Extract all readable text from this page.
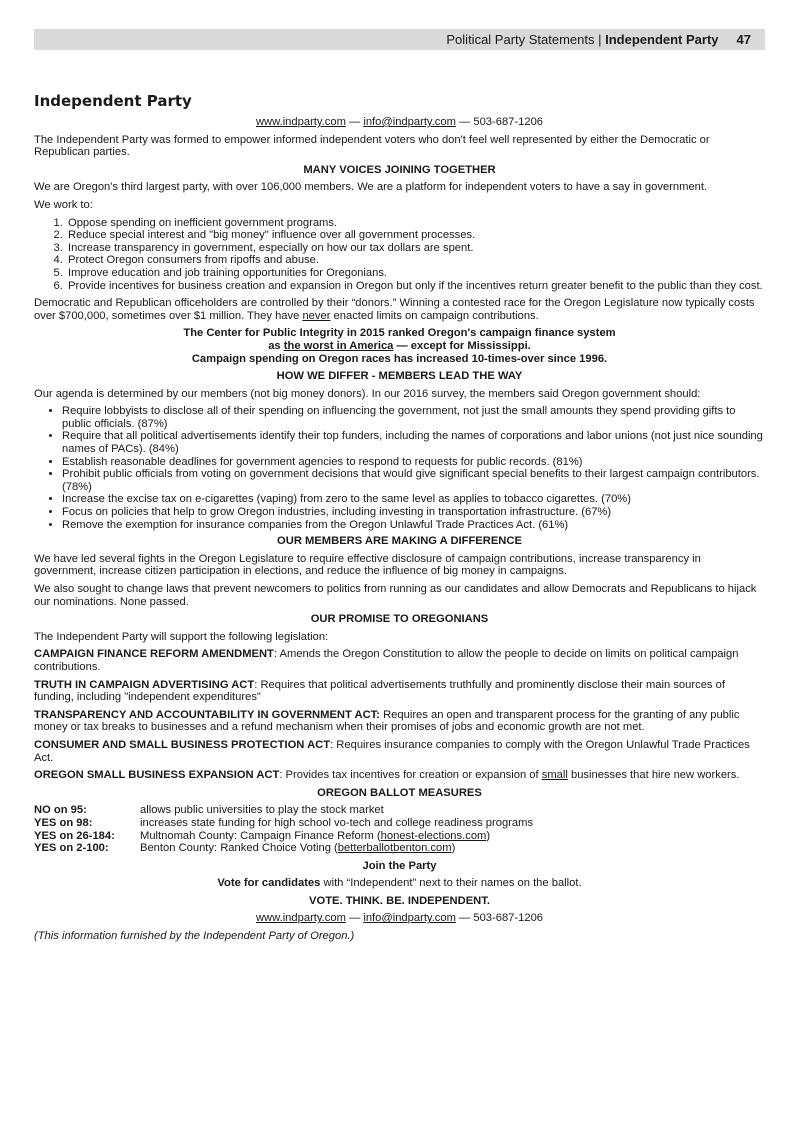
Political Party Statements | Independent Party 47
Independent Party

www.indparty.com — info@indparty.com — 503-687-1206

The Independent Party was formed to empower informed independent voters who don't feel well represented by either the Democratic or Republican parties.

MANY VOICES JOINING TOGETHER

We are Oregon's third largest party, with over 106,000 members. We are a platform for independent voters to have a say in government.

We work to:

1. Oppose spending on inefficient government programs.
2. Reduce special interest and "big money" influence over all government processes.
3. Increase transparency in government, especially on how our tax dollars are spent.
4. Protect Oregon consumers from ripoffs and abuse.
5. Improve education and job training opportunities for Oregonians.
6. Provide incentives for business creation and expansion in Oregon but only if the incentives return greater benefit to the public than they cost.

Democratic and Republican officeholders are controlled by their “donors.” Winning a contested race for the Oregon Legislature now typically costs over $700,000, sometimes over $1 million. They have never enacted limits on campaign contributions.

The Center for Public Integrity in 2015 ranked Oregon's campaign finance system
as the worst in America — except for Mississippi.
Campaign spending on Oregon races has increased 10-times-over since 1996.
HOW WE DIFFER - MEMBERS LEAD THE WAY

Our agenda is determined by our members (not big money donors). In our 2016 survey, the members said Oregon government should:

• Require lobbyists to disclose all of their spending on influencing the government, not just the small amounts they spend providing gifts to public officials. (87%)
• Require that all political advertisements identify their top funders, including the names of corporations and labor unions (not just nice sounding names of PACs). (84%)
• Establish reasonable deadlines for government agencies to respond to requests for public records. (81%)
• Prohibit public officials from voting on government decisions that would give significant special benefits to their largest campaign contributors. (78%)
• Increase the excise tax on e-cigarettes (vaping) from zero to the same level as applies to tobacco cigarettes. (70%)
• Focus on policies that help to grow Oregon industries, including investing in transportation infrastructure. (67%)
• Remove the exemption for insurance companies from the Oregon Unlawful Trade Practices Act. (61%)
OUR MEMBERS ARE MAKING A DIFFERENCE

We have led several fights in the Oregon Legislature to require effective disclosure of campaign contributions, increase transparency in government, increase citizen participation in elections, and reduce the influence of big money in campaigns.

We also sought to change laws that prevent newcomers to politics from running as our candidates and allow Democrats and Republicans to hijack our nominations. None passed.

OUR PROMISE TO OREGONIANS

The Independent Party will support the following legislation:

CAMPAIGN FINANCE REFORM AMENDMENT: Amends the Oregon Constitution to allow the people to decide on limits on political campaign contributions.

TRUTH IN CAMPAIGN ADVERTISING ACT: Requires that political advertisements truthfully and prominently disclose their main sources of funding, including "independent expenditures"

TRANSPARENCY AND ACCOUNTABILITY IN GOVERNMENT ACT: Requires an open and transparent process for the granting of any public money or tax breaks to businesses and a refund mechanism when their promises of jobs and economic growth are not met.

CONSUMER AND SMALL BUSINESS PROTECTION ACT: Requires insurance companies to comply with the Oregon Unlawful Trade Practices Act.

OREGON SMALL BUSINESS EXPANSION ACT: Provides tax incentives for creation or expansion of small businesses that hire new workers.

OREGON BALLOT MEASURES
NO on 95:	allows public universities to play the stock market
YES on 98:	increases state funding for high school vo-tech and college readiness programs
YES on 26-184:	Multnomah County: Campaign Finance Reform (honest-elections.com)
YES on 2-100:	Benton County: Ranked Choice Voting (betterballotbenton.com)
Join the Party

Vote for candidates with “Independent” next to their names on the ballot.

VOTE. THINK. BE. INDEPENDENT.

www.indparty.com — info@indparty.com — 503-687-1206

(This information furnished by the Independent Party of Oregon.)
